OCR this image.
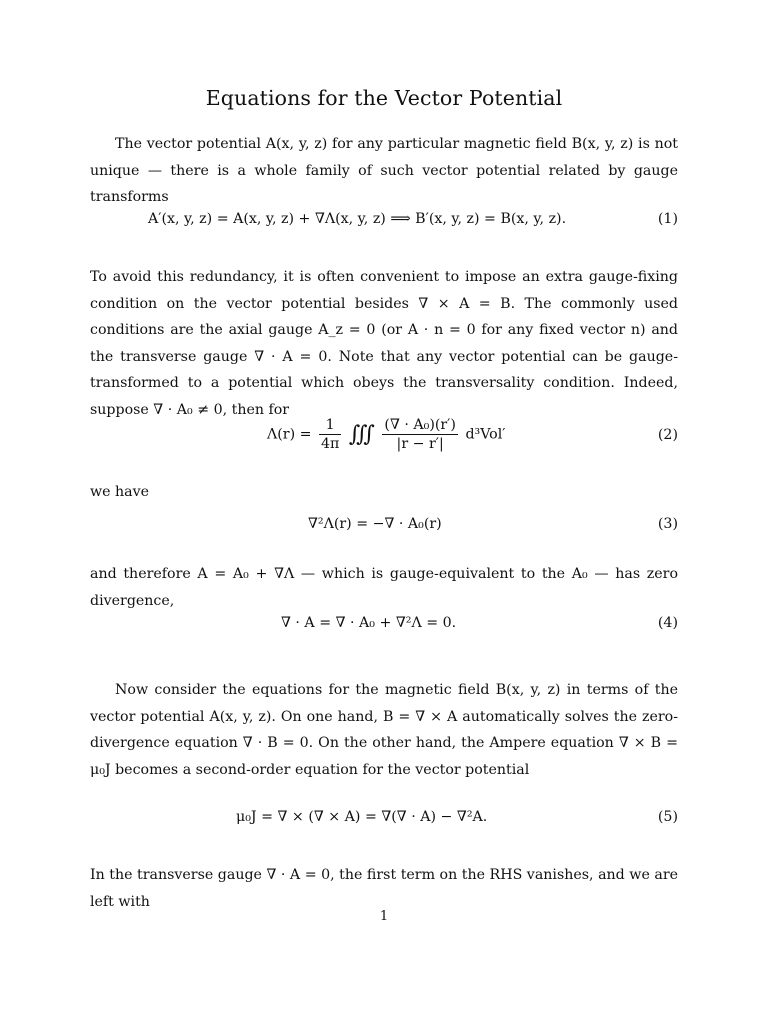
Equations for the Vector Potential

The vector potential A(x, y, z) for any particular magnetic field B(x, y, z) is not unique — there is a whole family of such vector potential related by gauge transforms

A′(x, y, z) = A(x, y, z) + ∇Λ(x, y, z) ⟹ B′(x, y, z) = B(x, y, z).	(1)

To avoid this redundancy, it is often convenient to impose an extra gauge-fixing condition on the vector potential besides ∇ × A = B. The commonly used conditions are the axial gauge A_z = 0 (or A · n = 0 for any fixed vector n) and the transverse gauge ∇ · A = 0. Note that any vector potential can be gauge-transformed to a potential which obeys the transversality condition. Indeed, suppose ∇ · A₀ ≠ 0, then for

$\Lambda(r) = \frac{1}{4\pi}$ ∭ $\frac{\text{(∇ · A₀)(r′)}}{|r - r'|} d^3Vol'$	(2)

we have

∇²Λ(r) = −∇ · A₀(r)	(3)

and therefore A = A₀ + ∇Λ — which is gauge-equivalent to the A₀ — has zero divergence,

∇ · A = ∇ · A₀ + ∇²Λ = 0.	(4)

Now consider the equations for the magnetic field B(x, y, z) in terms of the vector potential A(x, y, z). On one hand, B = ∇ × A automatically solves the zero-divergence equation ∇ · B = 0. On the other hand, the Ampere equation ∇ × B = μ₀J becomes a second-order equation for the vector potential

μ₀J = ∇ × (∇ × A) = ∇(∇ · A) − ∇²A.	(5)

In the transverse gauge ∇ · A = 0, the first term on the RHS vanishes, and we are left with

1
